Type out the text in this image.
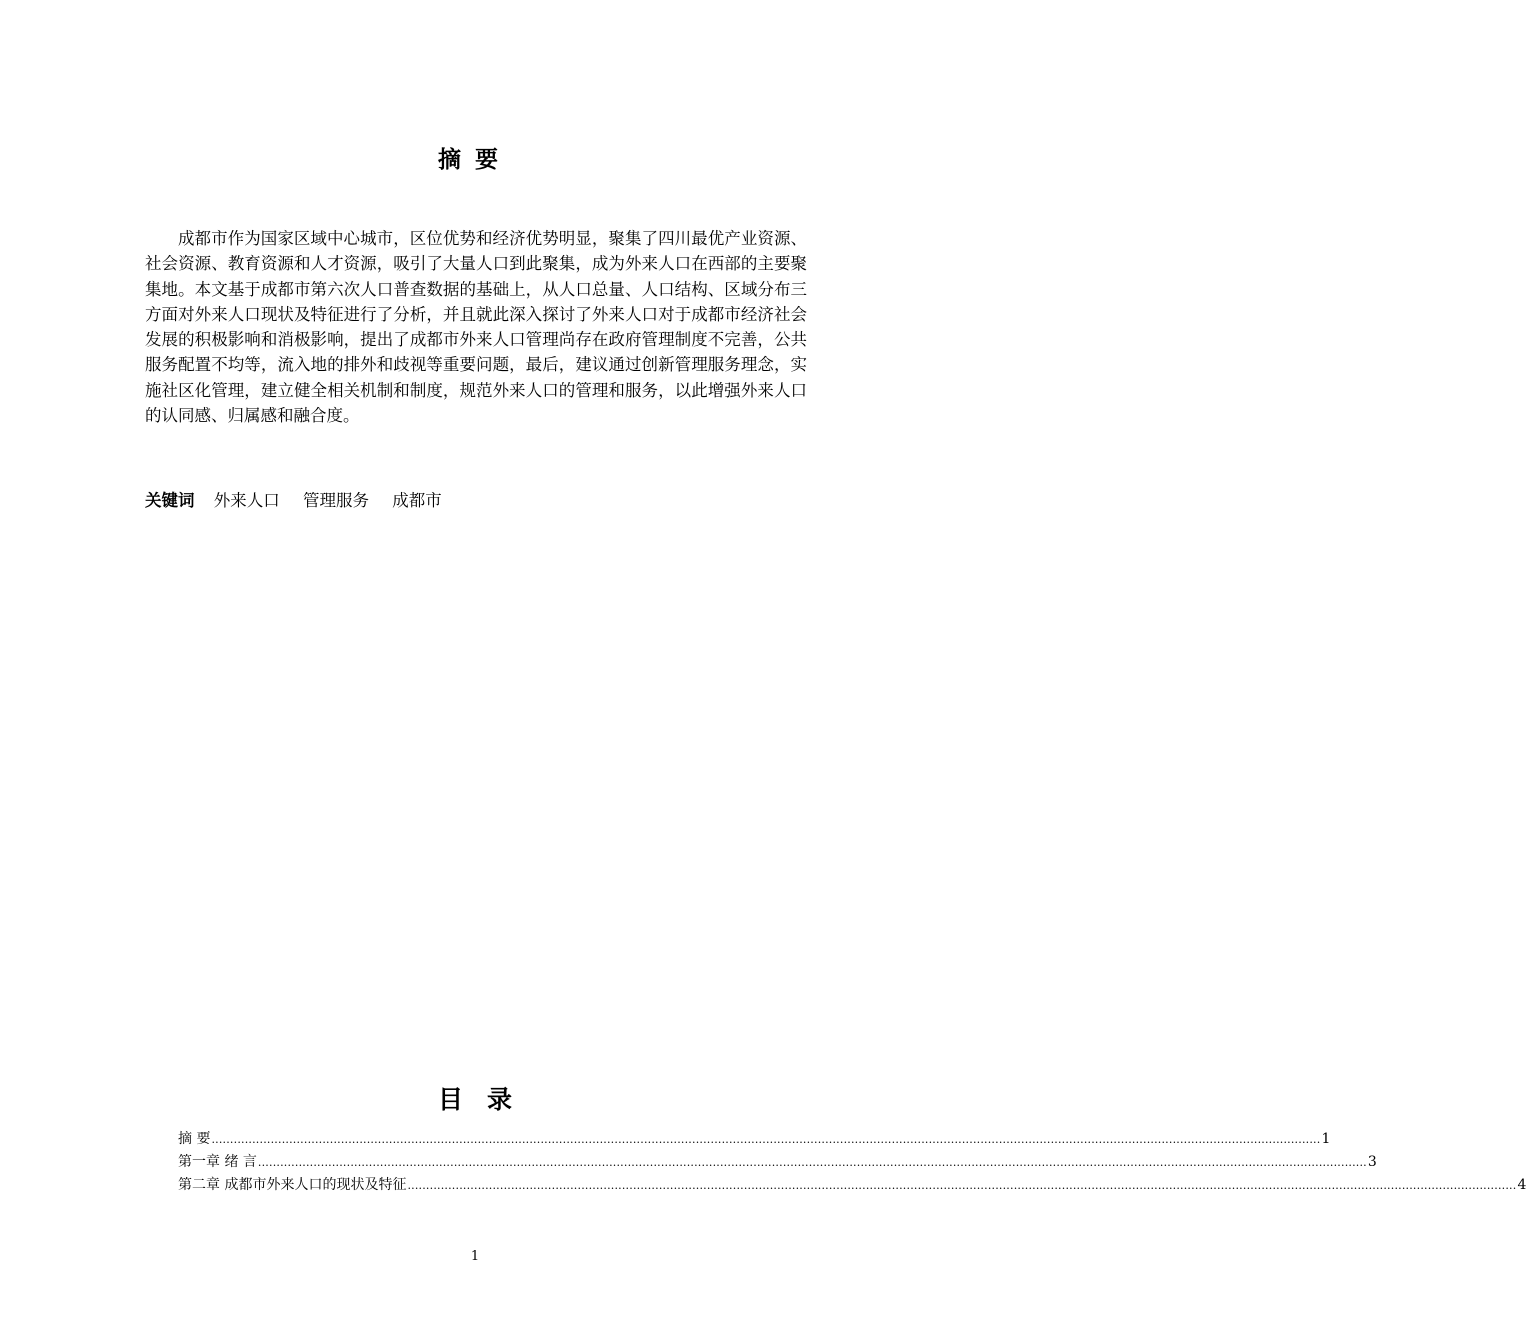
摘要

成都市作为国家区域中心城市，区位优势和经济优势明显，聚集了四川最优产业资源、社会资源、教育资源和人才资源，吸引了大量人口到此聚集，成为外来人口在西部的主要聚集地。本文基于成都市第六次人口普查数据的基础上，从人口总量、人口结构、区域分布三方面对外来人口现状及特征进行了分析，并且就此深入探讨了外来人口对于成都市经济社会发展的积极影响和消极影响，提出了成都市外来人口管理尚存在政府管理制度不完善，公共服务配置不均等，流入地的排外和歧视等重要问题，最后，建议通过创新管理服务理念，实施社区化管理，建立健全相关机制和制度，规范外来人口的管理和服务，以此增强外来人口的认同感、归属感和融合度。

关键词 外来人口 管理服务 成都市
目录
摘 要 ............................................................................................................................................................................................................................................................................................................ 1
第一章 绪 言 ............................................................................................................................................................................................................................................................................................................ 3
第二章 成都市外来人口的现状及特征 ............................................................................................................................................................................................................................................................................................................ 4
1
